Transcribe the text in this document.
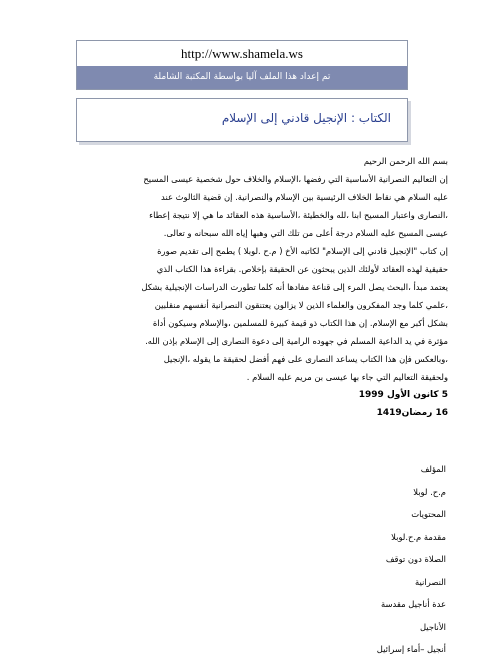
http://www.shamela.ws
تم إعداد هذا الملف آليا بواسطة المكتبة الشاملة
الكتاب : الإنجيل قادني إلى الإسلام
بسم الله الرحمن الرحيم
إن التعاليم النصرانية الأساسية التي رفضها ،الإسلام والخلاف حول شخصية عيسى المسيح
عليه السلام هي نقاط الخلاف الرئيسية بين الإسلام والنصرانية. إن قضية الثالوث عند
،النصارى واعتبار المسيح ابنا ،لله والخطيئة ،الأساسية هذه العقائد ما هي إلا نتيجة إعطاء
عيسى المسيح عليه السلام درجة أعلى من تلك التي وهبها إياه الله سبحانه و تعالى.
إن كتاب "الإنجيل قادني إلى الإسلام" لكاتبه الأخ ( م.ح .لوبلا ) يطمح إلى تقديم صورة
حقيقية لهذه العقائد لأولئك الذين يبحثون عن الحقيقة بإخلاص. بقراءة هذا الكتاب الذي
يعتمد مبدأ ،البحث يصل المرء إلى قناعة مفادها أنه كلما تطورت الدراسات الإنجيلية بشكل
،علمي كلما وجد المفكرون والعلماء الذين لا يزالون يعتنقون النصرانية أنفسهم منقلبين
بشكل أكبر مع الإسلام. إن هذا الكتاب ذو قيمة كبيرة للمسلمين ،والإسلام وسيكون أداة
مؤثرة في يد الداعية المسلم في جهوده الرامية إلى دعوة النصارى إلى الإسلام بإذن الله.
،وبالعكس فإن هذا الكتاب يساعد النصارى على فهم أفضل لحقيقة ما يقوله ،الإنجيل
ولحقيقة التعاليم التي جاء بها عيسى بن مريم عليه السلام .
5 كانون الأول 1999
16 رمضان1419
المؤلف
م.ح. لوبلا
المحتويات
مقدمة م.ح.لوبلا
الصلاة دون توقف
النصرانية
عدة أناجيل مقدسة
الأناجيل
أنجيل –أماء إسرائيل
